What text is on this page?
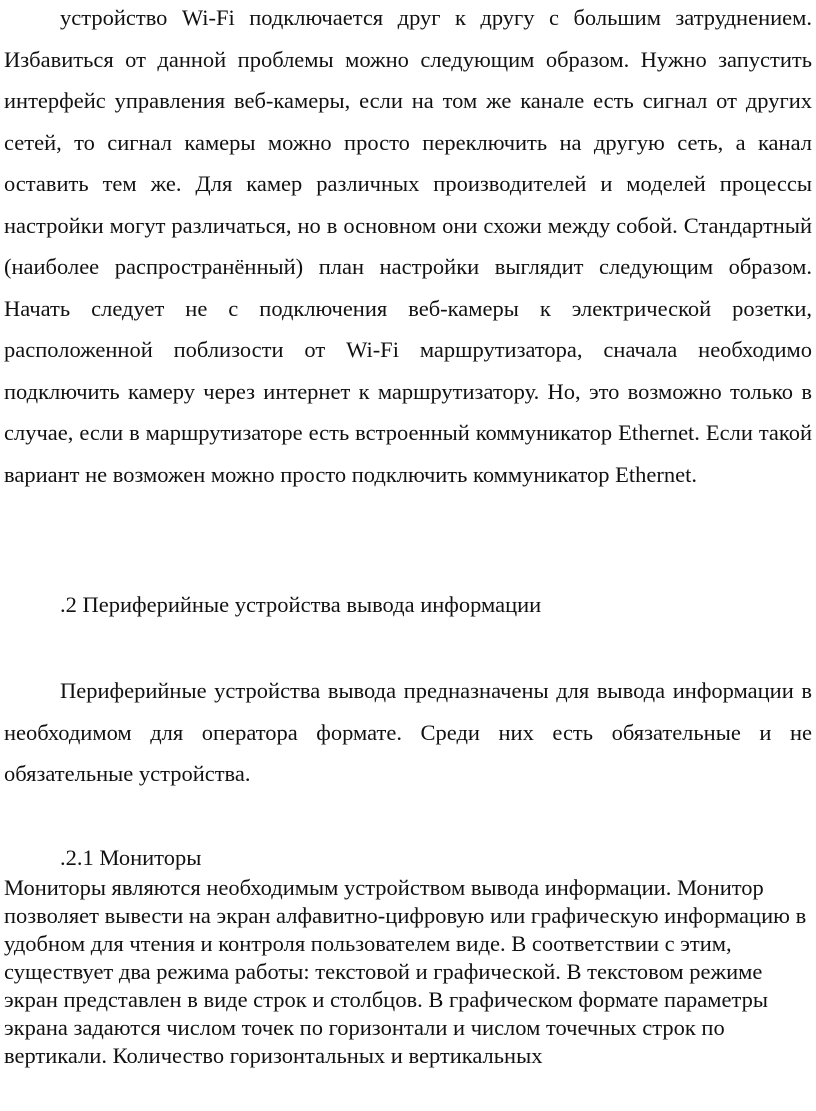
устройство Wi-Fi подключается друг к другу с большим затруднением. Избавиться от данной проблемы можно следующим образом. Нужно запустить интерфейс управления веб-камеры, если на том же канале есть сигнал от других сетей, то сигнал камеры можно просто переключить на другую сеть, а канал оставить тем же. Для камер различных производителей и моделей процессы настройки могут различаться, но в основном они схожи между собой. Стандартный (наиболее распространённый) план настройки выглядит следующим образом. Начать следует не с подключения веб-камеры к электрической розетки, расположенной поблизости от Wi-Fi маршрутизатора, сначала необходимо подключить камеру через интернет к маршрутизатору. Но, это возможно только в случае, если в маршрутизаторе есть встроенный коммуникатор Ethernet. Если такой вариант не возможен можно просто подключить коммуникатор Ethernet.

.2 Периферийные устройства вывода информации

Периферийные устройства вывода предназначены для вывода информации в необходимом для оператора формате. Среди них есть обязательные и не обязательные устройства.

.2.1 Мониторы

Мониторы являются необходимым устройством вывода информации. Монитор позволяет вывести на экран алфавитно-цифровую или графическую информацию в удобном для чтения и контроля пользователем виде. В соответствии с этим, существует два режима работы: текстовой и графической. В текстовом режиме экран представлен в виде строк и столбцов. В графическом формате параметры экрана задаются числом точек по горизонтали и числом точечных строк по вертикали. Количество горизонтальных и вертикальных
